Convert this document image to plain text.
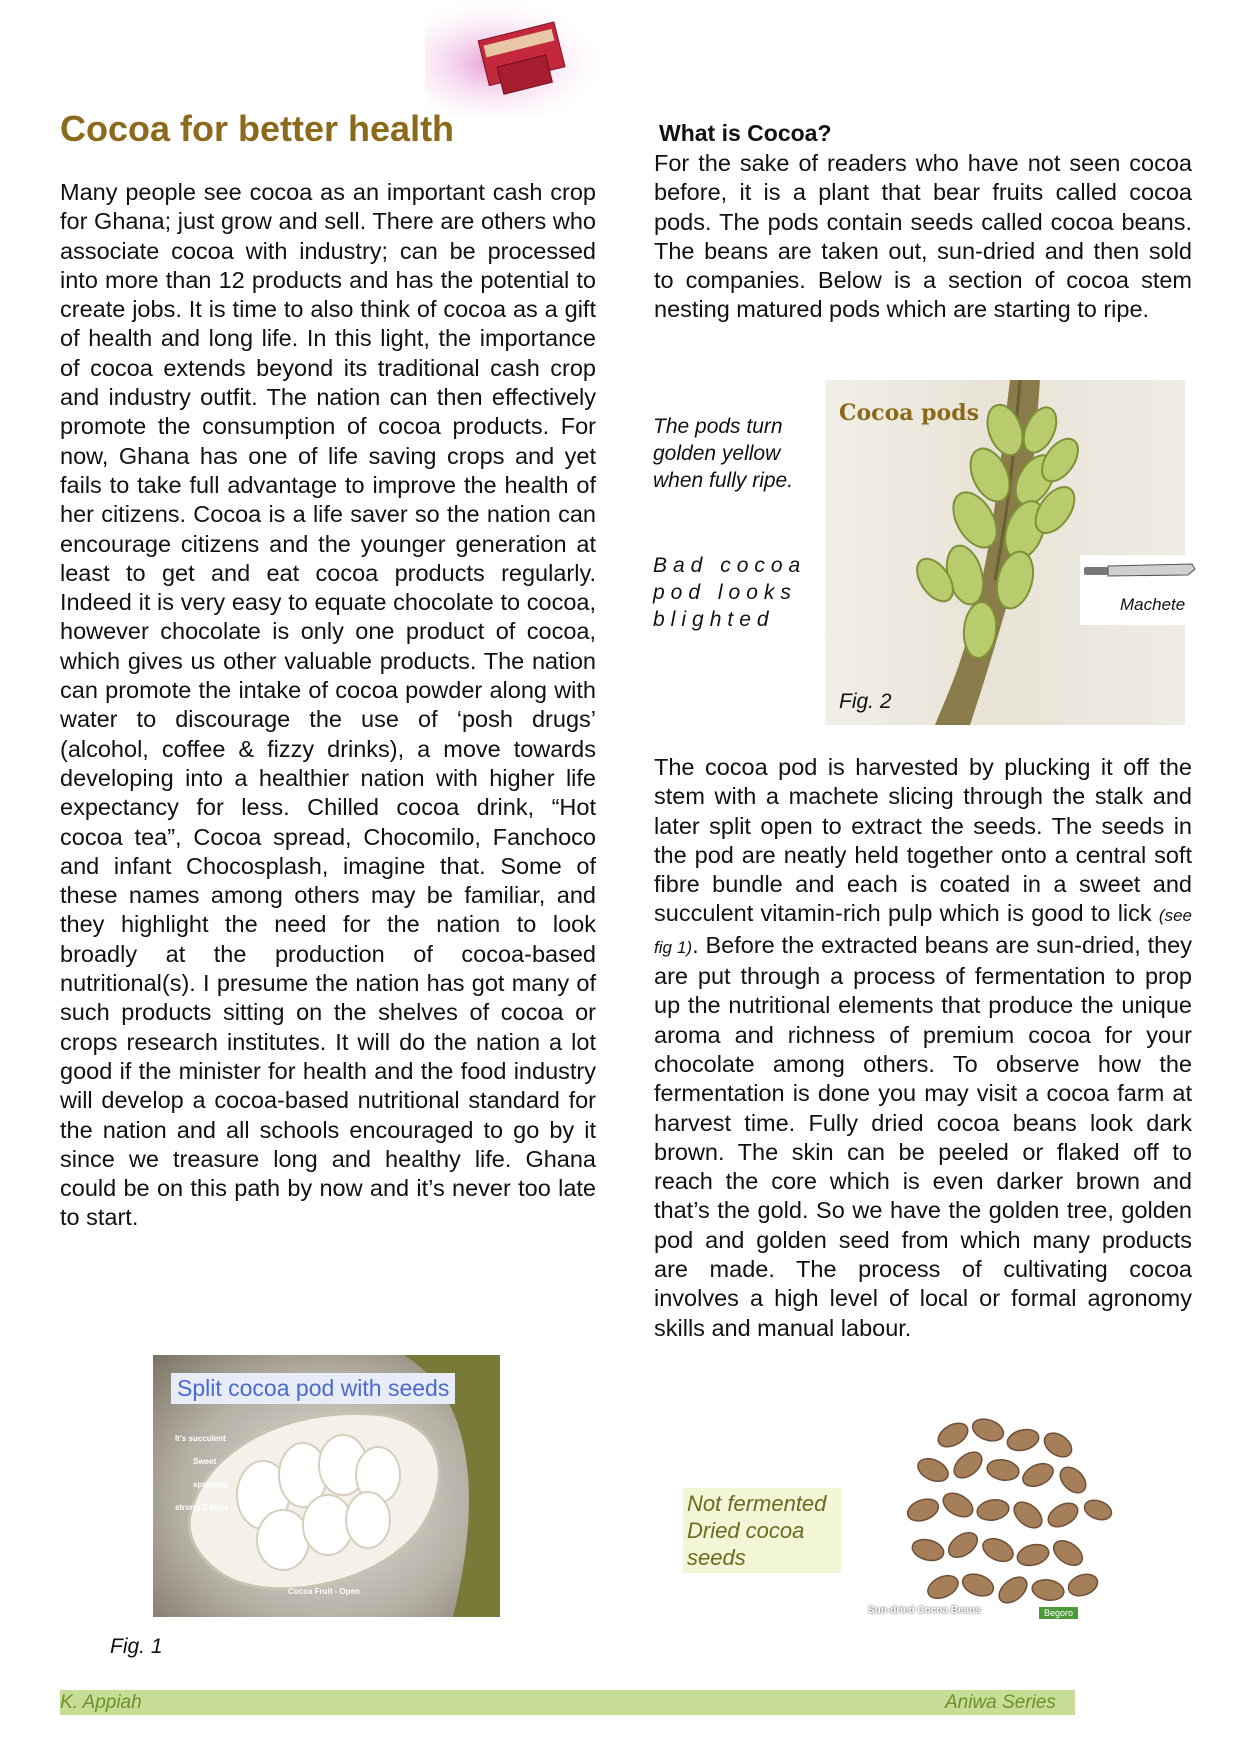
Cocoa for better health
Many people see cocoa as an important cash crop for Ghana; just grow and sell. There are others who associate cocoa with industry; can be processed into more than 12 products and has the potential to create jobs. It is time to also think of cocoa as a gift of health and long life. In this light, the importance of cocoa extends beyond its traditional cash crop and industry outfit. The nation can then effectively promote the consumption of cocoa products. For now, Ghana has one of life saving crops and yet fails to take full advantage to improve the health of her citizens. Cocoa is a life saver so the nation can encourage citizens and the younger generation at least to get and eat cocoa products regularly. Indeed it is very easy to equate chocolate to cocoa, however chocolate is only one product of cocoa, which gives us other valuable products. The nation can promote the intake of cocoa powder along with water to discourage the use of ‘posh drugs’ (alcohol, coffee & fizzy drinks), a move towards developing into a healthier nation with higher life expectancy for less. Chilled cocoa drink, “Hot cocoa tea”, Cocoa spread, Chocomilo, Fanchoco and infant Chocosplash, imagine that. Some of these names among others may be familiar, and they highlight the need for the nation to look broadly at the production of cocoa-based nutritional(s). I presume the nation has got many of such products sitting on the shelves of cocoa or crops research institutes. It will do the nation a lot good if the minister for health and the food industry will develop a cocoa-based nutritional standard for the nation and all schools encouraged to go by it since we treasure long and healthy life. Ghana could be on this path by now and it’s never too late to start.
What is Cocoa?
For the sake of readers who have not seen cocoa before, it is a plant that bear fruits called cocoa pods. The pods contain seeds called cocoa beans. The beans are taken out, sun-dried and then sold to companies. Below is a section of cocoa stem nesting matured pods which are starting to ripe.
The pods turn golden yellow when fully ripe.
Bad cocoa pod looks blighted
Cocoa pods
Fig. 2
Machete
The cocoa pod is harvested by plucking it off the stem with a machete slicing through the stalk and later split open to extract the seeds. The seeds in the pod are neatly held together onto a central soft fibre bundle and each is coated in a sweet and succulent vitamin-rich pulp which is good to lick (see fig 1). Before the extracted beans are sun-dried, they are put through a process of fermentation to prop up the nutritional elements that produce the unique aroma and richness of premium cocoa for your chocolate among others. To observe how the fermentation is done you may visit a cocoa farm at harvest time. Fully dried cocoa beans look dark brown. The skin can be peeled or flaked off to reach the core which is even darker brown and that’s the gold. So we have the golden tree, golden pod and golden seed from which many products are made. The process of cultivating cocoa involves a high level of local or formal agronomy skills and manual labour.
Split cocoa pod with seeds
It's succulent
Sweet
spetising
strong C taste
Cocoa Fruit - Open
Fig. 1
Sun-dried Cocoa Beans	Begoro
Not fermented Dried cocoa seeds
K. Appiah	Aniwa Series
